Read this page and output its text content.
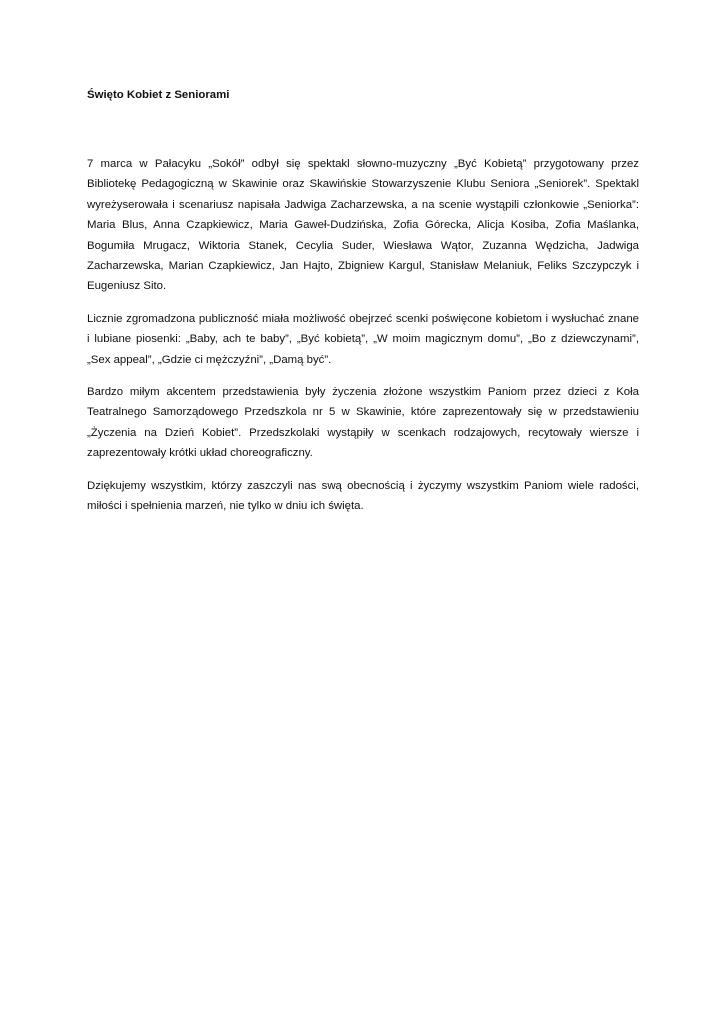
Święto Kobiet z Seniorami

7 marca w Pałacyku „Sokół” odbył się spektakl słowno-muzyczny „Być Kobietą” przygotowany przez Bibliotekę Pedagogiczną w Skawinie oraz Skawińskie Stowarzyszenie Klubu Seniora „Seniorek”. Spektakl wyreżyserowała i scenariusz napisała Jadwiga Zacharzewska, a na scenie wystąpili członkowie „Seniorka”: Maria Blus, Anna Czapkiewicz, Maria Gaweł-Dudzińska, Zofia Górecka, Alicja Kosiba, Zofia Maślanka, Bogumiła Mrugacz, Wiktoria Stanek, Cecylia Suder, Wiesława Wątor, Zuzanna Wędzicha, Jadwiga Zacharzewska, Marian Czapkiewicz, Jan Hajto, Zbigniew Kargul, Stanisław Melaniuk, Feliks Szczypczyk i Eugeniusz Sito.

Licznie zgromadzona publiczność miała możliwość obejrzeć scenki poświęcone kobietom i wysłuchać znane i lubiane piosenki: „Baby, ach te baby”, „Być kobietą”, „W moim magicznym domu”, „Bo z dziewczynami”, „Sex appeal”, „Gdzie ci mężczyźni”, „Damą być”.

Bardzo miłym akcentem przedstawienia były życzenia złożone wszystkim Paniom przez dzieci z Koła Teatralnego Samorządowego Przedszkola nr 5 w Skawinie, które zaprezentowały się w przedstawieniu „Życzenia na Dzień Kobiet”. Przedszkolaki wystąpiły w scenkach rodzajowych, recytowały wiersze i zaprezentowały krótki układ choreograficzny.

Dziękujemy wszystkim, którzy zaszczyli nas swą obecnością i życzymy wszystkim Paniom wiele radości, miłości i spełnienia marzeń, nie tylko w dniu ich święta.
